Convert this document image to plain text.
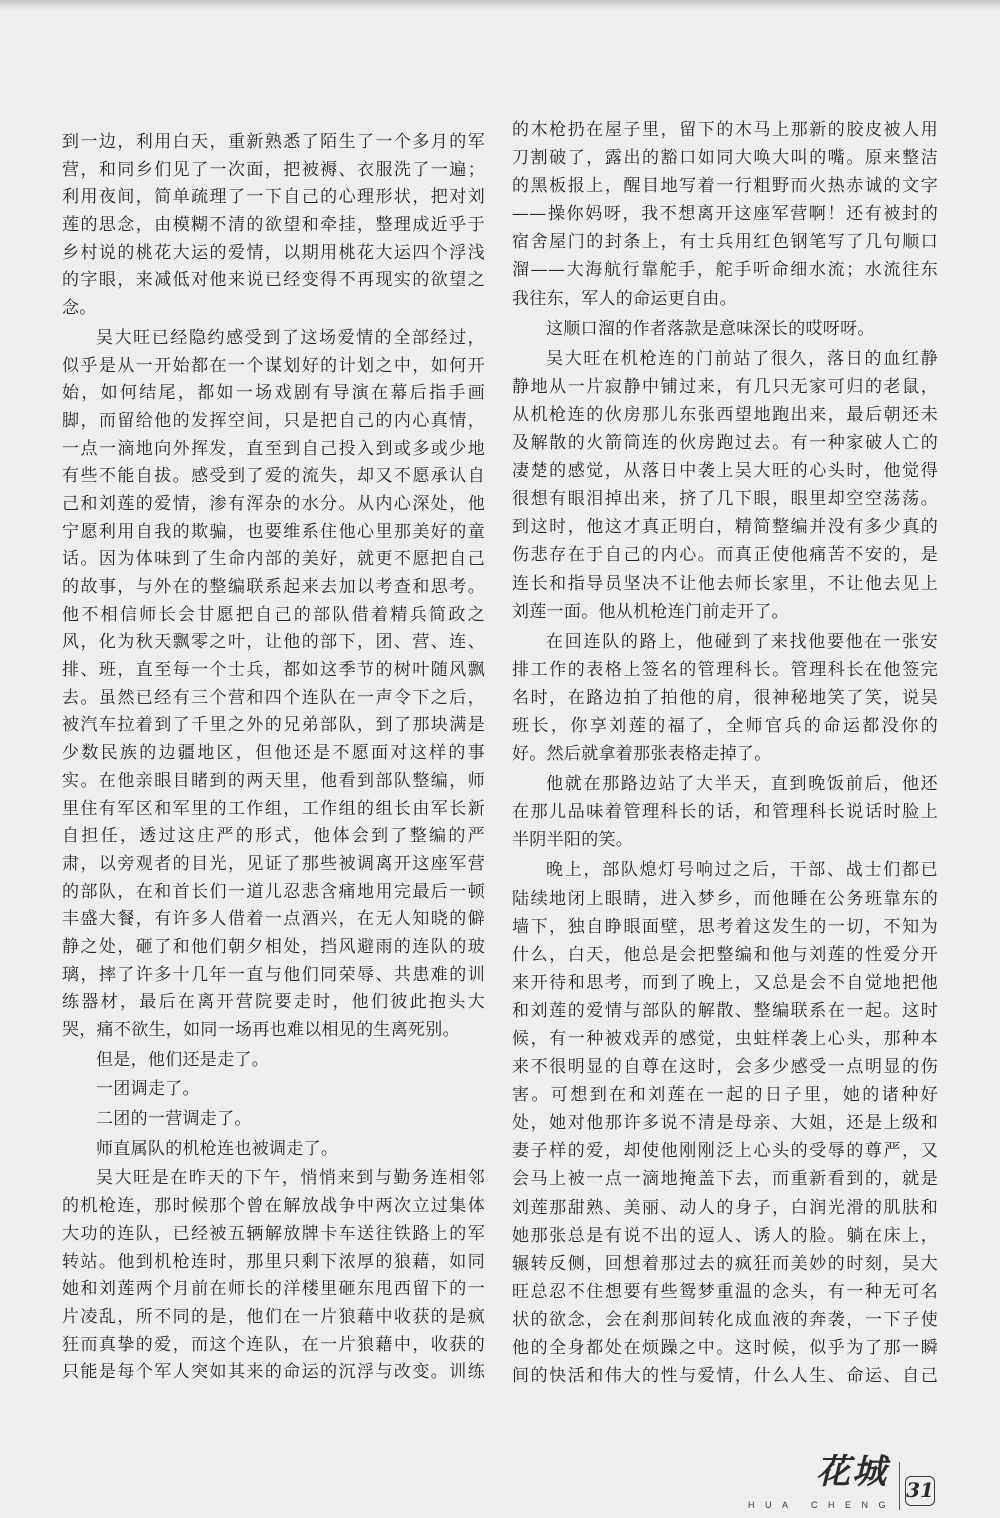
到一边，利用白天，重新熟悉了陌生了一个多月的军
营，和同乡们见了一次面，把被褥、衣服洗了一遍；
利用夜间，简单疏理了一下自己的心理形状，把对刘
莲的思念，由模糊不清的欲望和牵挂，整理成近乎于
乡村说的桃花大运的爱情，以期用桃花大运四个浮浅
的字眼，来减低对他来说已经变得不再现实的欲望之
念。
吴大旺已经隐约感受到了这场爱情的全部经过，
似乎是从一开始都在一个谋划好的计划之中，如何开
始，如何结尾，都如一场戏剧有导演在幕后指手画
脚，而留给他的发挥空间，只是把自己的内心真情，
一点一滴地向外挥发，直至到自己投入到或多或少地
有些不能自拔。感受到了爱的流失，却又不愿承认自
己和刘莲的爱情，渗有浑杂的水分。从内心深处，他
宁愿利用自我的欺骗，也要维系住他心里那美好的童
话。因为体味到了生命内部的美好，就更不愿把自己
的故事，与外在的整编联系起来去加以考查和思考。
他不相信师长会甘愿把自己的部队借着精兵简政之
风，化为秋天飘零之叶，让他的部下，团、营、连、
排、班，直至每一个士兵，都如这季节的树叶随风飘
去。虽然已经有三个营和四个连队在一声令下之后，
被汽车拉着到了千里之外的兄弟部队，到了那块满是
少数民族的边疆地区，但他还是不愿面对这样的事
实。在他亲眼目睹到的两天里，他看到部队整编，师
里住有军区和军里的工作组，工作组的组长由军长新
自担任，透过这庄严的形式，他体会到了整编的严
肃，以旁观者的目光，见证了那些被调离开这座军营
的部队，在和首长们一道儿忍悲含痛地用完最后一顿
丰盛大餐，有许多人借着一点酒兴，在无人知晓的僻
静之处，砸了和他们朝夕相处，挡风避雨的连队的玻
璃，摔了许多十几年一直与他们同荣辱、共患难的训
练器材，最后在离开营院要走时，他们彼此抱头大
哭，痛不欲生，如同一场再也难以相见的生离死别。
但是，他们还是走了。
一团调走了。
二团的一营调走了。
师直属队的机枪连也被调走了。
吴大旺是在昨天的下午，悄悄来到与勤务连相邻
的机枪连，那时候那个曾在解放战争中两次立过集体
大功的连队，已经被五辆解放牌卡车送往铁路上的军
转站。他到机枪连时，那里只剩下浓厚的狼藉，如同
她和刘莲两个月前在师长的洋楼里砸东甩西留下的一
片凌乱，所不同的是，他们在一片狼藉中收获的是疯
狂而真挚的爱，而这个连队，在一片狼藉中，收获的
只能是每个军人突如其来的命运的沉浮与改变。训练
的木枪扔在屋子里，留下的木马上那新的胶皮被人用
刀割破了，露出的豁口如同大唤大叫的嘴。原来整洁
的黑板报上，醒目地写着一行粗野而火热赤诚的文字
——操你妈呀，我不想离开这座军营啊！还有被封的
宿舍屋门的封条上，有士兵用红色钢笔写了几句顺口
溜——大海航行靠舵手，舵手听命细水流；水流往东
我往东，军人的命运更自由。
这顺口溜的作者落款是意味深长的哎呀呀。
吴大旺在机枪连的门前站了很久，落日的血红静
静地从一片寂静中铺过来，有几只无家可归的老鼠，
从机枪连的伙房那儿东张西望地跑出来，最后朝还未
及解散的火箭筒连的伙房跑过去。有一种家破人亡的
凄楚的感觉，从落日中袭上吴大旺的心头时，他觉得
很想有眼泪掉出来，挤了几下眼，眼里却空空荡荡。
到这时，他这才真正明白，精简整编并没有多少真的
伤悲存在于自己的内心。而真正使他痛苦不安的，是
连长和指导员坚决不让他去师长家里，不让他去见上
刘莲一面。他从机枪连门前走开了。
在回连队的路上，他碰到了来找他要他在一张安
排工作的表格上签名的管理科长。管理科长在他签完
名时，在路边拍了拍他的肩，很神秘地笑了笑，说吴
班长，你享刘莲的福了，全师官兵的命运都没你的
好。然后就拿着那张表格走掉了。
他就在那路边站了大半天，直到晚饭前后，他还
在那儿品味着管理科长的话，和管理科长说话时脸上
半阴半阳的笑。
晚上，部队熄灯号响过之后，干部、战士们都已
陆续地闭上眼睛，进入梦乡，而他睡在公务班靠东的
墙下，独自睁眼面壁，思考着这发生的一切，不知为
什么，白天，他总是会把整编和他与刘莲的性爱分开
来开待和思考，而到了晚上，又总是会不自觉地把他
和刘莲的爱情与部队的解散、整编联系在一起。这时
候，有一种被戏弄的感觉，虫蛀样袭上心头，那种本
来不很明显的自尊在这时，会多少感受一点明显的伤
害。可想到在和刘莲在一起的日子里，她的诸种好
处，她对他那许多说不清是母亲、大姐，还是上级和
妻子样的爱，却使他刚刚泛上心头的受辱的尊严，又
会马上被一点一滴地掩盖下去，而重新看到的，就是
刘莲那甜熟、美丽、动人的身子，白润光滑的肌肤和
她那张总是有说不出的逗人、诱人的脸。躺在床上，
辗转反侧，回想着那过去的疯狂而美妙的时刻，吴大
旺总忍不住想要有些鸳梦重温的念头，有一种无可名
状的欲念，会在刹那间转化成血液的奔袭，一下子使
他的全身都处在烦躁之中。这时候，似乎为了那一瞬
间的快活和伟大的性与爱情，什么人生、命运、自己
花城
HUA CHENG
31
